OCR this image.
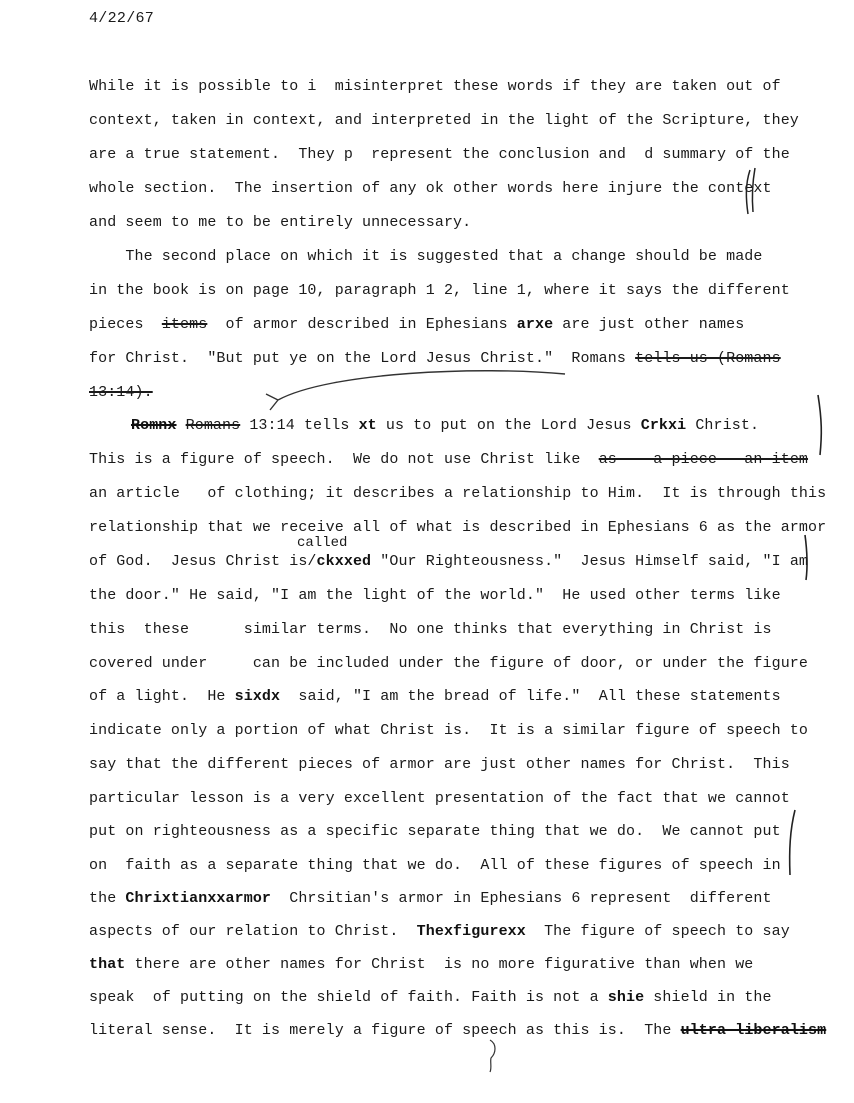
4/22/67
While it is possible to i  misinterpret these words if they are taken out of
context, taken in context, and interpreted in the light of the Scripture, they
are a true statement.  They p  represent the conclusion and  d summary of the
whole section.  The insertion of any ok other words here injure the context
and seem to me to be entirely unnecessary.
The second place on which it is suggested that a change should be made
in the book is on page 10, paragraph 1 2, line 1, where it says the different
pieces  items  of armor described in Ephesians arxe are just other names
for Christ.  "But put ye on the Lord Jesus Christ."  Romans tells us (Romans
13:14).
Romnx Romans 13:14 tells xt us to put on the Lord Jesus Crkxi Christ.
This is a figure of speech.  We do not use Christ like  as    a piece   an item
an article   of clothing; it describes a relationship to Him.  It is through this
relationship that we receive all of what is described in Ephesians 6 as the armor
called
of God.  Jesus Christ is/ckxxed "Our Righteousness."  Jesus Himself said, "I am
the door." He said, "I am the light of the world."  He used other terms like
this  these      similar terms.  No one thinks that everything in Christ is
covered under     can be included under the figure of door, or under the figure
of a light.  He sixdx  said, "I am the bread of life."  All these statements
indicate only a portion of what Christ is.  It is a similar figure of speech to
say that the different pieces of armor are just other names for Christ.  This
particular lesson is a very excellent presentation of the fact that we cannot
put on righteousness as a specific separate thing that we do.  We cannot put
on  faith as a separate thing that we do.  All of these figures of speech in
the Chrixtianxxarmor  Chrsitian's armor in Ephesians 6 represent  different
aspects of our relation to Christ.  Thexfigurexx  The figure of speech to say
that there are other names for Christ  is no more figurative than when we
speak  of putting on the shield of faith. Faith is not a shie shield in the
literal sense.  It is merely a figure of speech as this is.  The ultra-liberalism
